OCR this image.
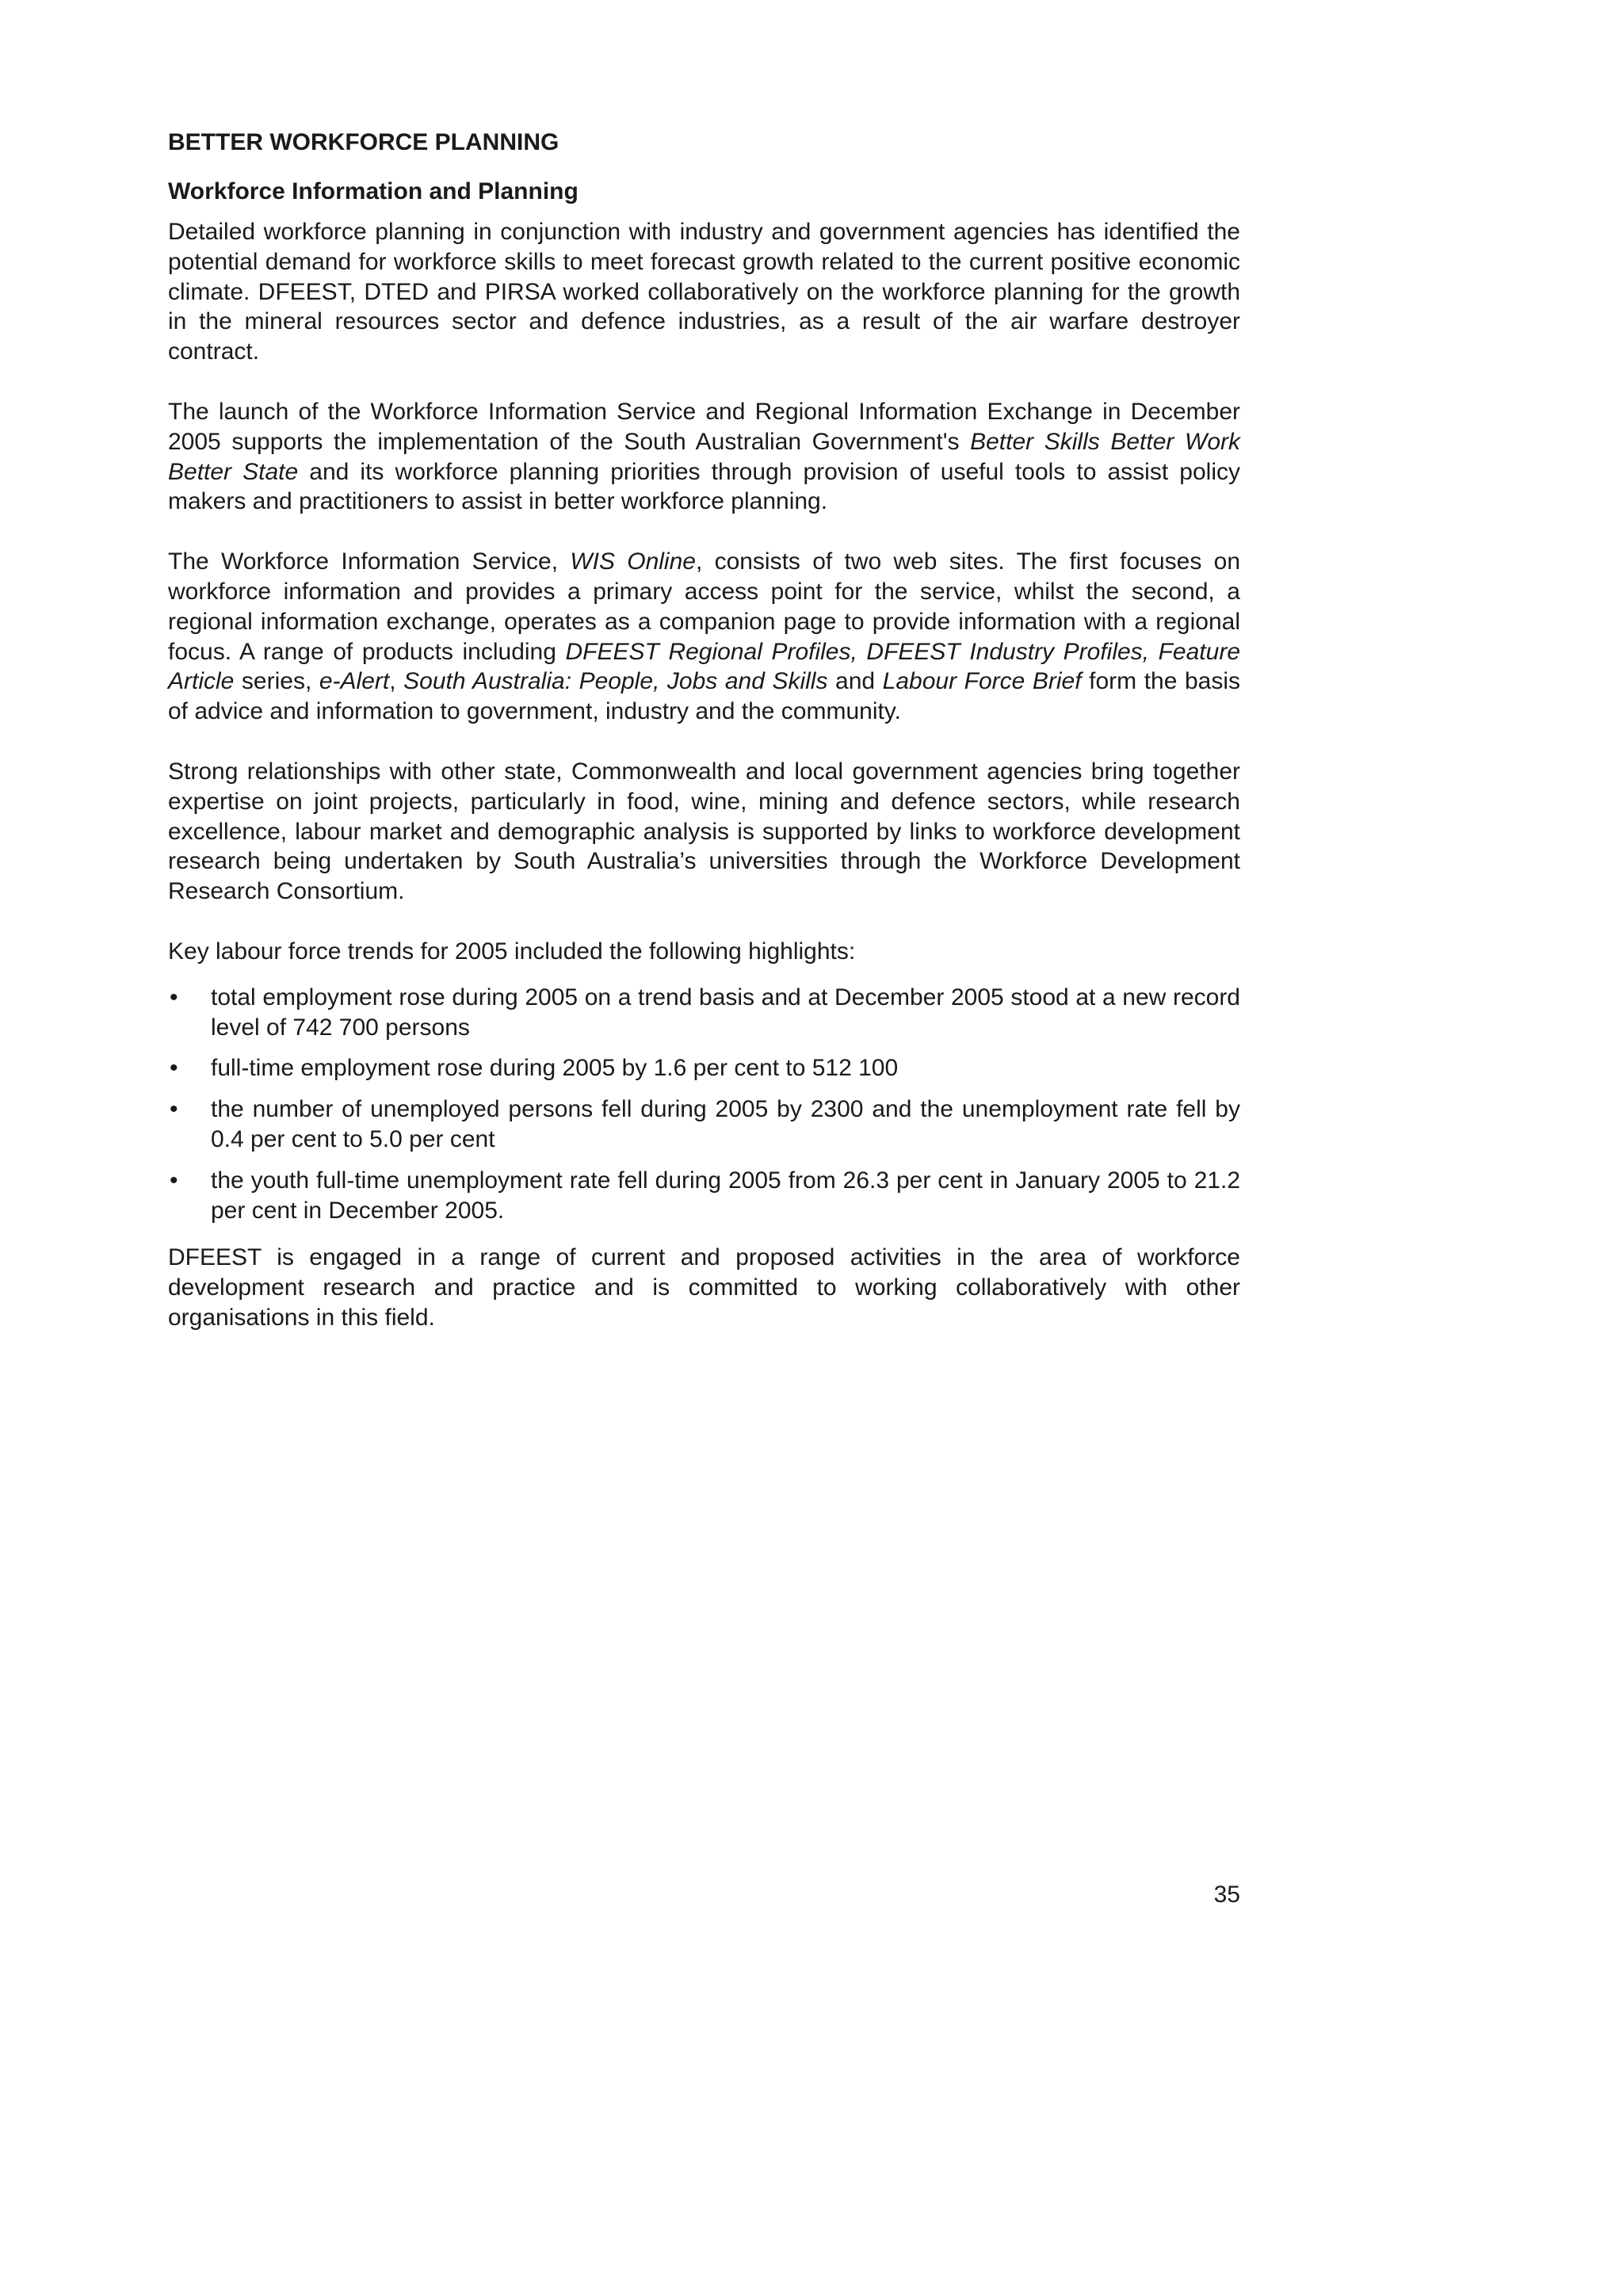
BETTER WORKFORCE PLANNING
Workforce Information and Planning

Detailed workforce planning in conjunction with industry and government agencies has identified the potential demand for workforce skills to meet forecast growth related to the current positive economic climate. DFEEST, DTED and PIRSA worked collaboratively on the workforce planning for the growth in the mineral resources sector and defence industries, as a result of the air warfare destroyer contract.

The launch of the Workforce Information Service and Regional Information Exchange in December 2005 supports the implementation of the South Australian Government's Better Skills Better Work Better State and its workforce planning priorities through provision of useful tools to assist policy makers and practitioners to assist in better workforce planning.

The Workforce Information Service, WIS Online, consists of two web sites. The first focuses on workforce information and provides a primary access point for the service, whilst the second, a regional information exchange, operates as a companion page to provide information with a regional focus. A range of products including DFEEST Regional Profiles, DFEEST Industry Profiles, Feature Article series, e-Alert, South Australia: People, Jobs and Skills and Labour Force Brief form the basis of advice and information to government, industry and the community.

Strong relationships with other state, Commonwealth and local government agencies bring together expertise on joint projects, particularly in food, wine, mining and defence sectors, while research excellence, labour market and demographic analysis is supported by links to workforce development research being undertaken by South Australia’s universities through the Workforce Development Research Consortium.

Key labour force trends for 2005 included the following highlights:

• total employment rose during 2005 on a trend basis and at December 2005 stood at a new record level of 742 700 persons
• full-time employment rose during 2005 by 1.6 per cent to 512 100
• the number of unemployed persons fell during 2005 by 2300 and the unemployment rate fell by 0.4 per cent to 5.0 per cent
• the youth full-time unemployment rate fell during 2005 from 26.3 per cent in January 2005 to 21.2 per cent in December 2005.

DFEEST is engaged in a range of current and proposed activities in the area of workforce development research and practice and is committed to working collaboratively with other organisations in this field.

35
